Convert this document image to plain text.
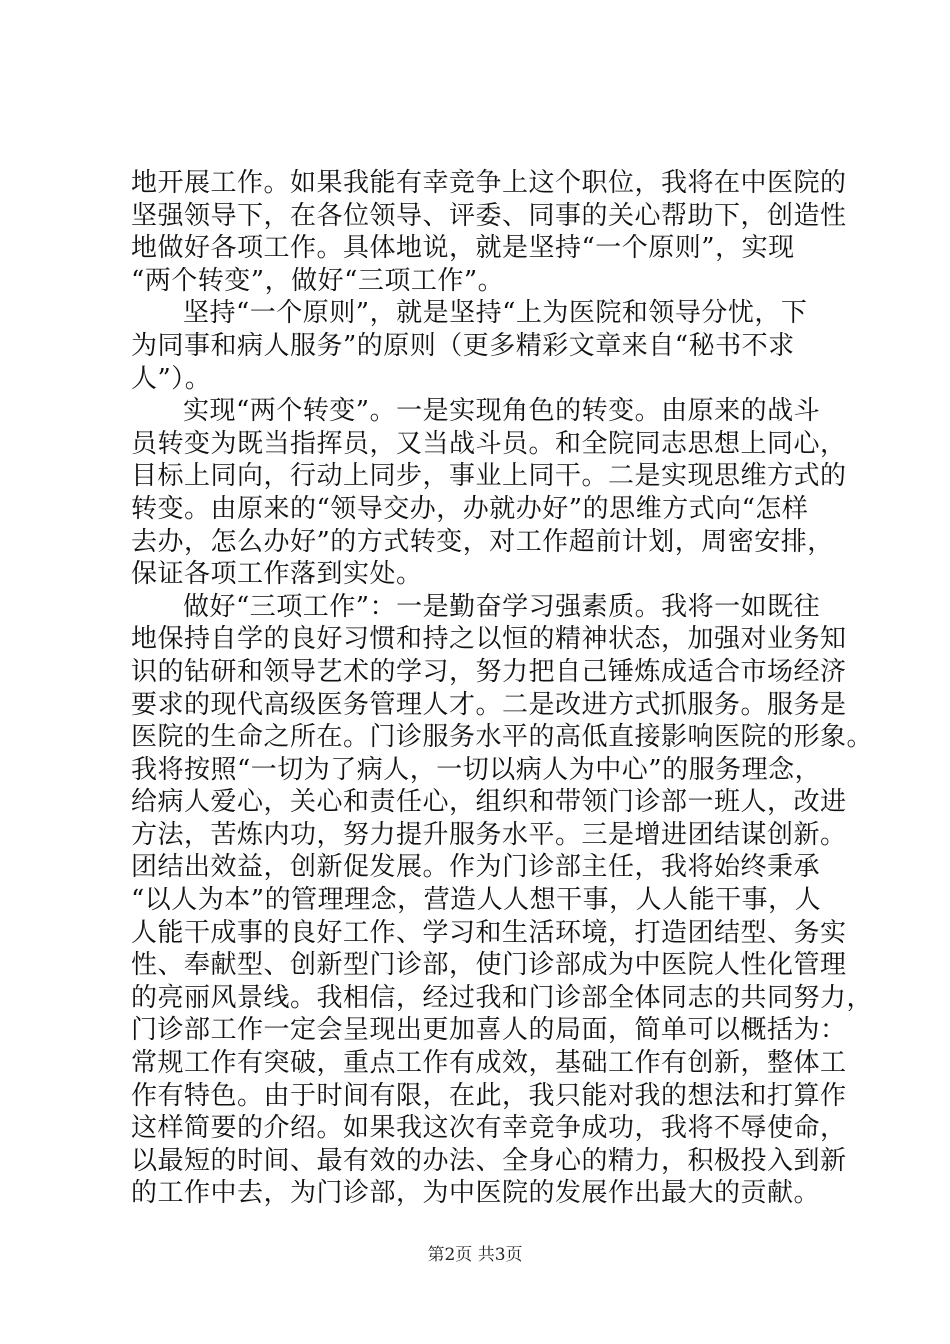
地开展工作。如果我能有幸竞争上这个职位，我将在中医院的
坚强领导下，在各位领导、评委、同事的关心帮助下，创造性
地做好各项工作。具体地说，就是坚持“一个原则”，实现
“两个转变”，做好“三项工作”。
坚持“一个原则”，就是坚持“上为医院和领导分忧，下
为同事和病人服务”的原则（更多精彩文章来自“秘书不求
人”）。
实现“两个转变”。一是实现角色的转变。由原来的战斗
员转变为既当指挥员，又当战斗员。和全院同志思想上同心，
目标上同向，行动上同步，事业上同干。二是实现思维方式的
转变。由原来的“领导交办，办就办好”的思维方式向“怎样
去办，怎么办好”的方式转变，对工作超前计划，周密安排，
保证各项工作落到实处。
做好“三项工作”：一是勤奋学习强素质。我将一如既往
地保持自学的良好习惯和持之以恒的精神状态，加强对业务知
识的钻研和领导艺术的学习，努力把自己锤炼成适合市场经济
要求的现代高级医务管理人才。二是改进方式抓服务。服务是
医院的生命之所在。门诊服务水平的高低直接影响医院的形象。
我将按照“一切为了病人，一切以病人为中心”的服务理念，
给病人爱心，关心和责任心，组织和带领门诊部一班人，改进
方法，苦炼内功，努力提升服务水平。三是增进团结谋创新。
团结出效益，创新促发展。作为门诊部主任，我将始终秉承
“以人为本”的管理理念，营造人人想干事，人人能干事，人
人能干成事的良好工作、学习和生活环境，打造团结型、务实
性、奉献型、创新型门诊部，使门诊部成为中医院人性化管理
的亮丽风景线。我相信，经过我和门诊部全体同志的共同努力，
门诊部工作一定会呈现出更加喜人的局面，简单可以概括为：
常规工作有突破，重点工作有成效，基础工作有创新，整体工
作有特色。由于时间有限，在此，我只能对我的想法和打算作
这样简要的介绍。如果我这次有幸竞争成功，我将不辱使命，
以最短的时间、最有效的办法、全身心的精力，积极投入到新
的工作中去，为门诊部，为中医院的发展作出最大的贡献。
第2页 共3页
